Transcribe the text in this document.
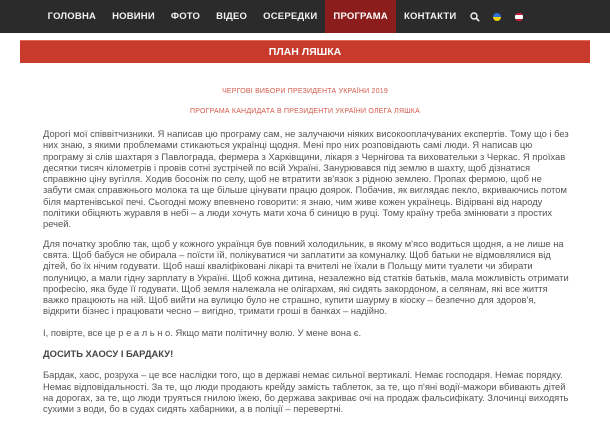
ГОЛОВНА	НОВИНИ	ФОТО	ВІДЕО	ОСЕРЕДКИ	ПРОГРАМА	КОНТАКТИ
ПЛАН ЛЯШКА
ЧЕРГОВІ ВИБОРИ ПРЕЗИДЕНТА УКРАЇНИ 2019
ПРОГРАМА КАНДИДАТА В ПРЕЗИДЕНТИ УКРАЇНИ ОЛЕГА ЛЯШКА

Дорогі мої співвітчизники. Я написав цю програму сам, не залучаючи ніяких високооплачуваних експертів. Тому що і без них знаю, з якими проблемами стикаються українці щодня. Мені про них розповідають самі люди. Я написав цю програму зі слів шахтаря з Павлограда, фермера з Харківщини, лікаря з Чернігова та виховательки з Черкас. Я проїхав десятки тисяч кілометрів і провів сотні зустрічей по всій Україні. Занурювався під землю в шахту, щоб дізнатися справжню ціну вугілля. Ходив босоніж по селу, щоб не втратити зв'язок з рідною землею. Пропах фермою, щоб не забути смак справжнього молока та ще більше цінувати працю доярок. Побачив, як виглядає пекло, вкриваючись потом біля мартенівської печі. Сьогодні можу впевнено говорити: я знаю, чим живе кожен українець. Відірвані від народу політики обіцяють журавля в небі – а люди хочуть мати хоча б синицю в руці. Тому країну треба змінювати з простих речей.

Для початку зроблю так, щоб у кожного українця був повний холодильник, в якому м'ясо водиться щодня, а не лише на свята. Щоб бабуся не обирала – поїсти їй, полікуватися чи заплатити за комуналку. Щоб батьки не відмовлялися від дітей, бо їх нічим годувати. Щоб наші кваліфіковані лікарі та вчителі не їхали в Польщу мити туалети чи збирати полуницю, а мали гідну зарплату в Україні. Щоб кожна дитина, незалежно від статків батьків, мала можливість отримати професію, яка буде її годувати. Щоб земля належала не олігархам, які сидять закордоном, а селянам, які все життя важко працюють на ній. Щоб вийти на вулицю було не страшно, купити шаурму в кіоску – безпечно для здоров'я, відкрити бізнес і працювати чесно – вигідно, тримати гроші в банках – надійно.

І, повірте, все це р е а л ь н о. Якщо мати політичну волю. У мене вона є.

ДОСИТЬ ХАОСУ І БАРДАКУ!

Бардак, хаос, розруха – це все наслідки того, що в державі немає сильної вертикалі. Немає господаря. Немає порядку. Немає відповідальності. За те, що люди продають крейду замість таблеток, за те, що п'яні водії-мажори вбивають дітей на дорогах, за те, що люди труяться гнилою їжею, бо держава закриває очі на продаж фальсифікату. Злочинці виходять сухими з води, бо в судах сидять хабарники, а в поліції – перевертні.
